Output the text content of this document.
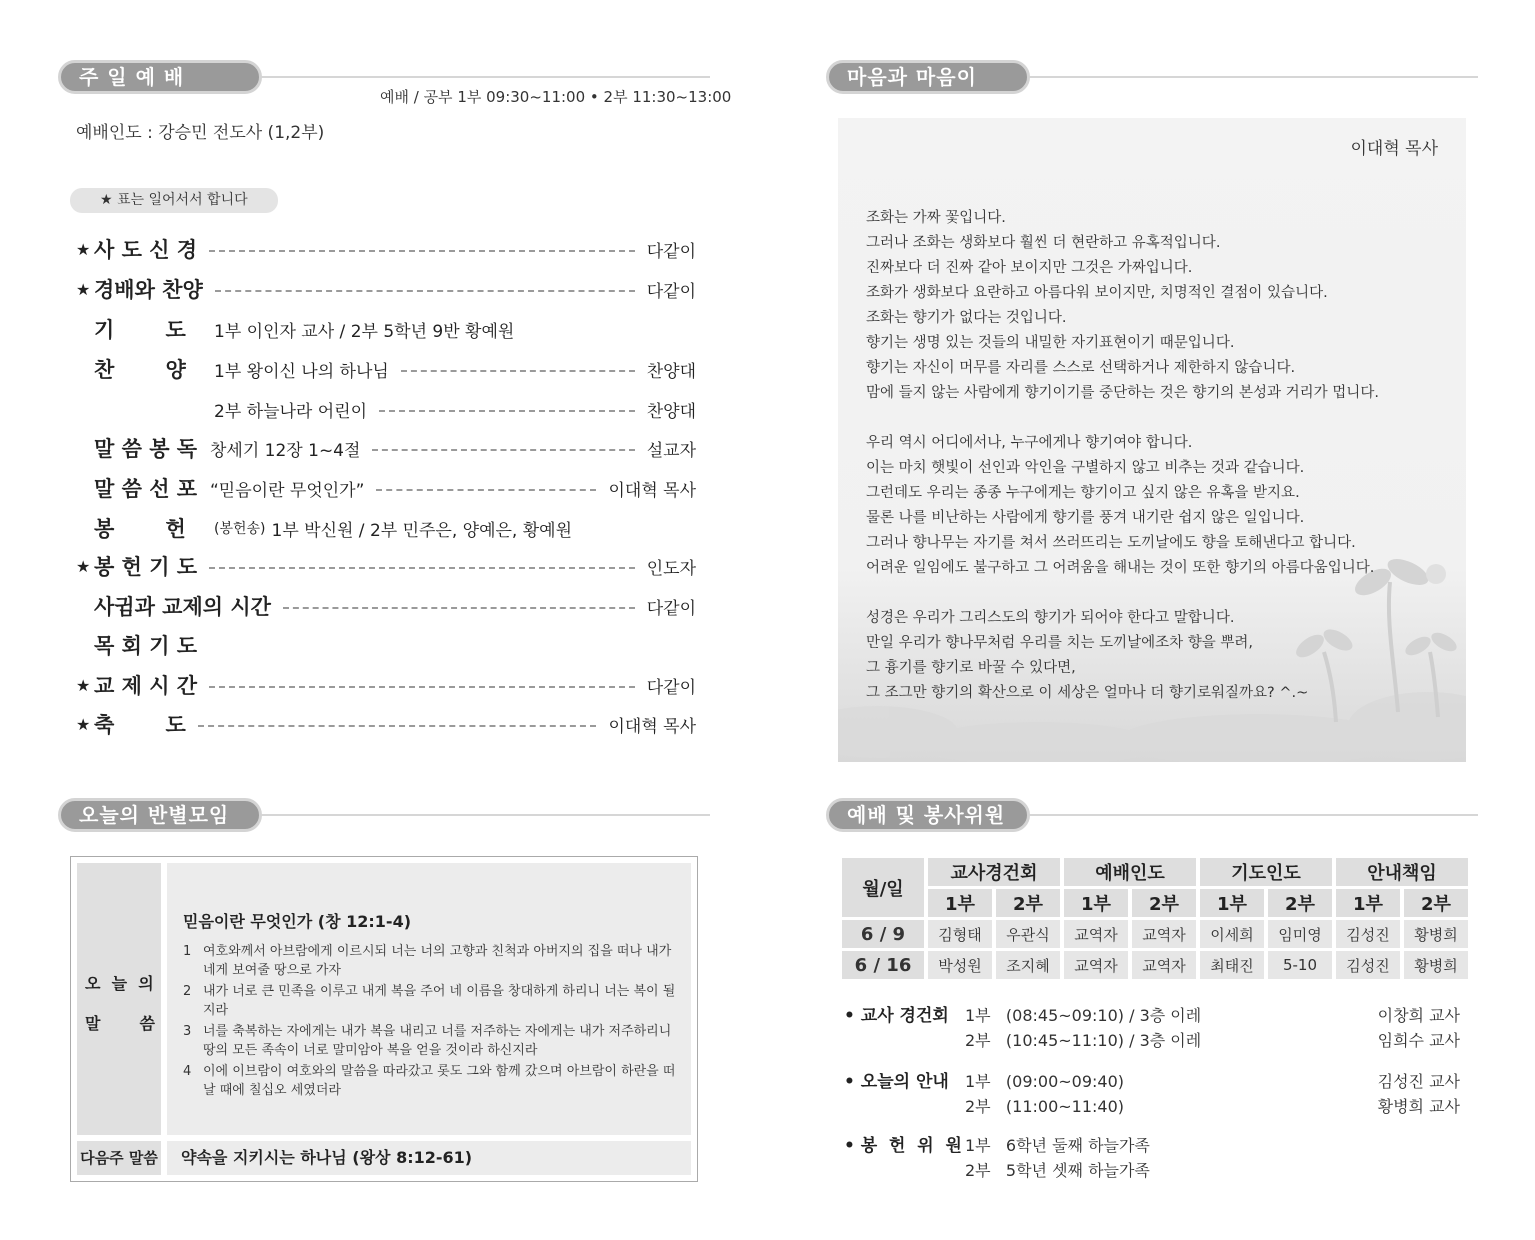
주 일 예 배
예배 / 공부 1부 09:30~11:00 • 2부 11:30~13:00
예배인도 : 강승민 전도사 (1,2부)
★ 표는 일어서서 합니다
★ 사 도 신 경	다같이
★ 경배와 찬양	다같이
기       도	1부 이인자 교사 / 2부 5학년 9반 황예원
찬       양	1부 왕이신 나의 하나님	찬양대
2부 하늘나라 어린이	찬양대
말 씀 봉 독 창세기 12장 1~4절	설교자
말 씀 선 포 “믿음이란 무엇인가”	이대혁 목사
봉       헌	(봉헌송) 1부 박신원 / 2부 민주은, 양예은, 황예원
★ 봉 헌 기 도	인도자
사귐과 교제의 시간	다같이
목 회 기 도
★ 교 제 시 간	다같이
★ 축       도	이대혁 목사
오늘의 반별모임
오  늘  의
말       씀
믿음이란 무엇인가 (창 12:1-4)
1 여호와께서 아브람에게 이르시되 너는 너의 고향과 친척과 아버지의 집을 떠나 내가 네게 보여줄 땅으로 가자
2 내가 너로 큰 민족을 이루고 내게 복을 주어 네 이름을 창대하게 하리니 너는 복이 될지라
3 너를 축복하는 자에게는 내가 복을 내리고 너를 저주하는 자에게는 내가 저주하리니 땅의 모든 족속이 너로 말미암아 복을 얻을 것이라 하신지라
4 이에 이브람이 여호와의 말씀을 따라갔고 롯도 그와 함께 갔으며 아브람이 하란을 떠날 때에 칠십오 세였더라
다음주 말씀	약속을 지키시는 하나님 (왕상 8:12-61)
마음과 마음이
이대혁 목사

조화는 가짜 꽃입니다.

그러나 조화는 생화보다 훨씬 더 현란하고 유혹적입니다.

진짜보다 더 진짜 같아 보이지만 그것은 가짜입니다.

조화가 생화보다 요란하고 아름다워 보이지만, 치명적인 결점이 있습니다.

조화는 향기가 없다는 것입니다.

향기는 생명 있는 것들의 내밀한 자기표현이기 때문입니다.

향기는 자신이 머무를 자리를 스스로 선택하거나 제한하지 않습니다.

맘에 들지 않는 사람에게 향기이기를 중단하는 것은 향기의 본성과 거리가 멉니다.

우리 역시 어디에서나, 누구에게나 향기여야 합니다.

이는 마치 햇빛이 선인과 악인을 구별하지 않고 비추는 것과 같습니다.

그런데도 우리는 종종 누구에게는 향기이고 싶지 않은 유혹을 받지요.

물론 나를 비난하는 사람에게 향기를 풍겨 내기란 쉽지 않은 일입니다.

그러나 향나무는 자기를 쳐서 쓰러뜨리는 도끼날에도 향을 토해낸다고 합니다.

어려운 일임에도 불구하고 그 어려움을 해내는 것이 또한 향기의 아름다움입니다.

성경은 우리가 그리스도의 향기가 되어야 한다고 말합니다.

만일 우리가 향나무처럼 우리를 치는 도끼날에조차 향을 뿌려,

그 흉기를 향기로 바꿀 수 있다면,

그 조그만 향기의 확산으로 이 세상은 얼마나 더 향기로워질까요? ^.~

예배 및 봉사위원
월/일	교사경건회		예배인도		기도인도		안내책임	
	1부	2부	1부	2부	1부	2부	1부	2부
6 / 9	김형태	우관식	교역자	교역자	이세희	임미영	김성진	황병희
6 / 16	박성원	조지혜	교역자	교역자	최태진	5-10	김성진	황병희
• 교사 경건회 1부   (08:45~09:10) / 3층 이레	이창희 교사
2부   (10:45~11:10) / 3층 이레	임희수 교사
• 오늘의 안내 1부   (09:00~09:40)	김성진 교사
2부   (11:00~11:40)	황병희 교사
• 봉  헌  위  원 1부   6학년 둘째 하늘가족
2부   5학년 셋째 하늘가족
